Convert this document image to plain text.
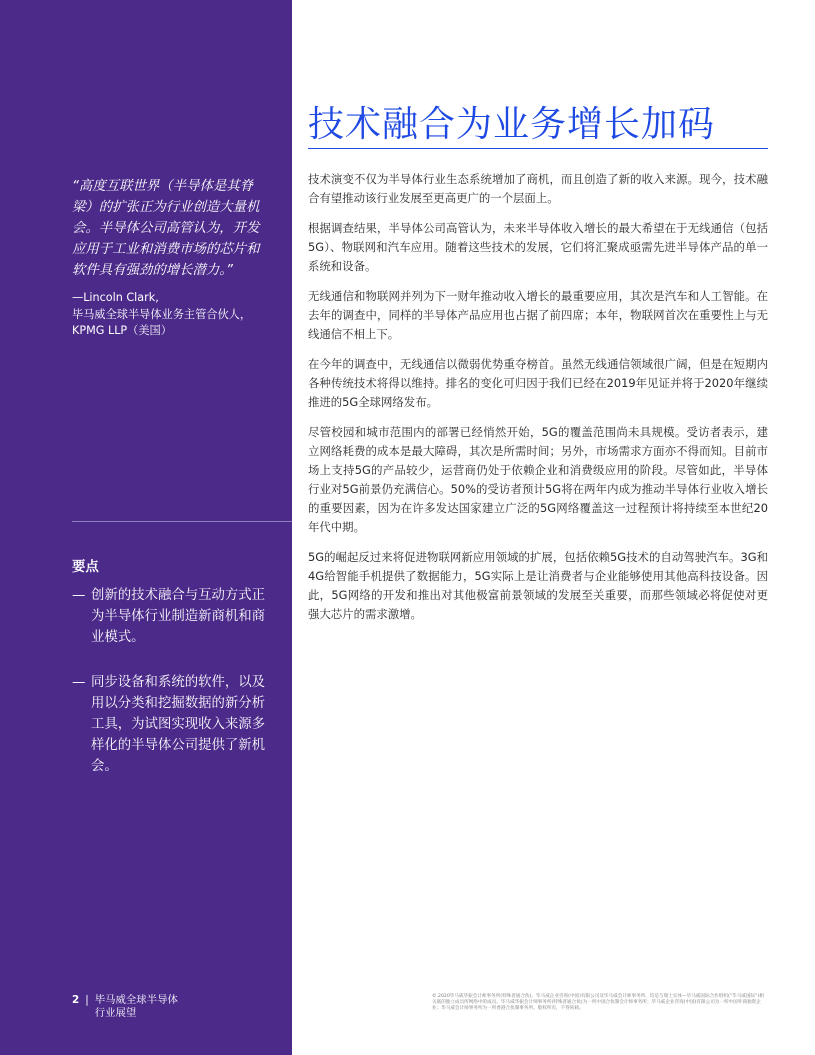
“高度互联世界（半导体是其脊梁）的扩张正为行业创造大量机会。半导体公司高管认为，开发应用于工业和消费市场的芯片和软件具有强劲的增长潜力。”

—Lincoln Clark,
毕马威全球半导体业务主管合伙人，KPMG LLP（美国）
要点
— 创新的技术融合与互动方式正为半导体行业制造新商机和商业模式。
— 同步设备和系统的软件，以及用以分类和挖掘数据的新分析工具，为试图实现收入来源多样化的半导体公司提供了新机会。
2 | 毕马威全球半导体
行业展望
技术融合为业务增长加码

技术演变不仅为半导体行业生态系统增加了商机，而且创造了新的收入来源。现今，技术融合有望推动该行业发展至更高更广的一个层面上。

根据调查结果，半导体公司高管认为，未来半导体收入增长的最大希望在于无线通信（包括5G）、物联网和汽车应用。随着这些技术的发展，它们将汇聚成亟需先进半导体产品的单一系统和设备。

无线通信和物联网并列为下一财年推动收入增长的最重要应用，其次是汽车和人工智能。在去年的调查中，同样的半导体产品应用也占据了前四席；本年，物联网首次在重要性上与无线通信不相上下。

在今年的调查中，无线通信以微弱优势重夺榜首。虽然无线通信领域很广阔，但是在短期内各种传统技术将得以维持。排名的变化可归因于我们已经在2019年见证并将于2020年继续推进的5G全球网络发布。

尽管校园和城市范围内的部署已经悄然开始，5G的覆盖范围尚未具规模。受访者表示，建立网络耗费的成本是最大障碍，其次是所需时间；另外，市场需求方面亦不得而知。目前市场上支持5G的产品较少，运营商仍处于依赖企业和消费级应用的阶段。尽管如此，半导体行业对5G前景仍充满信心。50%的受访者预计5G将在两年内成为推动半导体行业收入增长的重要因素，因为在许多发达国家建立广泛的5G网络覆盖这一过程预计将持续至本世纪20年代中期。

5G的崛起反过来将促进物联网新应用领域的扩展，包括依赖5G技术的自动驾驶汽车。3G和4G给智能手机提供了数据能力，5G实际上是让消费者与企业能够使用其他高科技设备。因此，5G网络的开发和推出对其他极富前景领域的发展至关重要，而那些领域必将促使对更强大芯片的需求激增。

© 2020毕马威华振会计师事务所(特殊普通合伙)、毕马威企业咨询(中国)有限公司及毕马威会计师事务所，均是与瑞士实体—毕马威国际合作组织(“毕马威国际”)相关联的独立成员所网络中的成员。毕马威华振会计师事务所(特殊普通合伙)为一所中国合伙制会计师事务所；毕马威企业咨询(中国)有限公司为一所中国外商独资企业；毕马威会计师事务所为一所香港合伙制事务所。版权所有，不得转载。
